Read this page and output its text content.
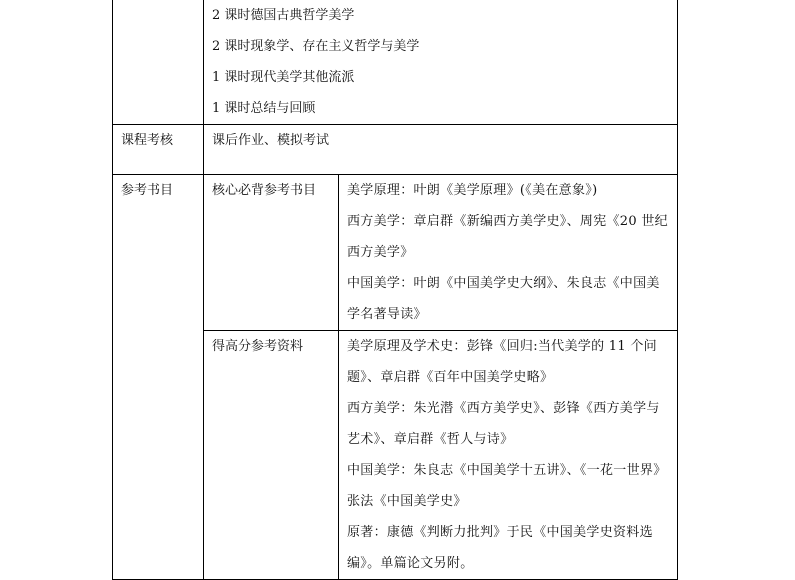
	2 课时德国古典哲学美学
2 课时现象学、存在主义哲学与美学
1 课时现代美学其他流派
1 课时总结与回顾	

课程考核	课后作业、模拟考试	

参考书目	核心必背参考书目	美学原理：叶朗《美学原理》(《美在意象》)
西方美学：章启群《新编西方美学史》、周宪《20 世纪西方美学》
中国美学：叶朗《中国美学史大纲》、朱良志《中国美学名著导读》

	得高分参考资料	美学原理及学术史：彭锋《回归:当代美学的 11 个问题》、章启群《百年中国美学史略》
西方美学：朱光潜《西方美学史》、彭锋《西方美学与艺术》、章启群《哲人与诗》
中国美学：朱良志《中国美学十五讲》、《一花一世界》张法《中国美学史》
原著：康德《判断力批判》于民《中国美学史资料选编》。单篇论文另附。
